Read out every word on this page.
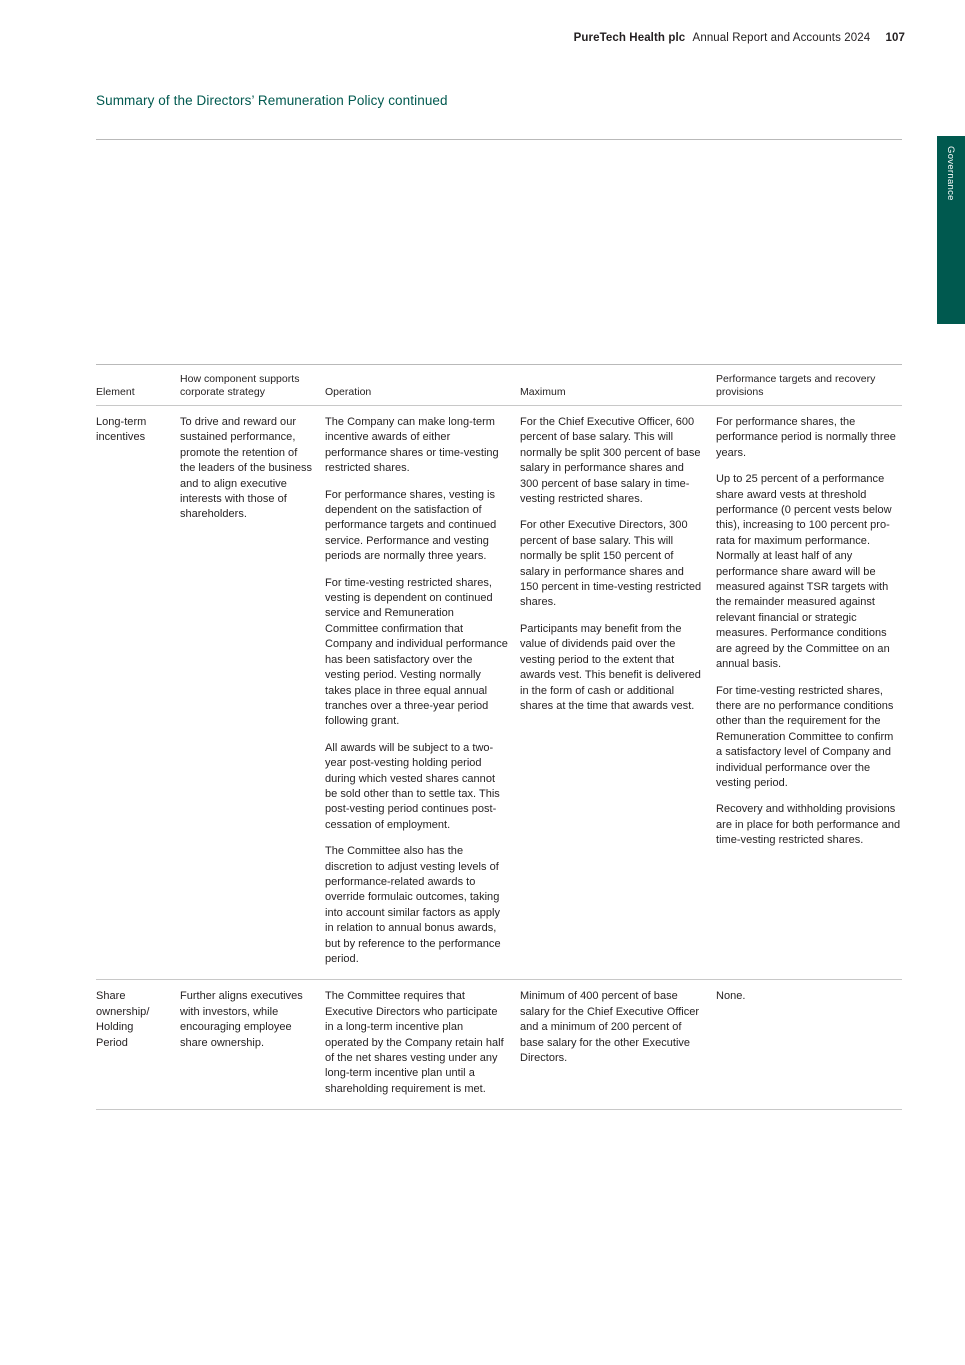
PureTech Health plc Annual Report and Accounts 2024 107
Summary of the Directors’ Remuneration Policy continued
Governance
Element
How component supports corporate strategy	Operation	Maximum
Performance targets and recovery provisions

Long-term incentives

To drive and reward our sustained performance, promote the retention of the leaders of the business and to align executive interests with those of shareholders.

The Company can make long-term incentive awards of either performance shares or time-vesting restricted shares.

For performance shares, vesting is dependent on the satisfaction of performance targets and continued service. Performance and vesting periods are normally three years.

For time-vesting restricted shares, vesting is dependent on continued service and Remuneration Committee confirmation that Company and individual performance has been satisfactory over the vesting period. Vesting normally takes place in three equal annual tranches over a three-year period following grant.

All awards will be subject to a two-year post-vesting holding period during which vested shares cannot be sold other than to settle tax. This post-vesting period continues post-cessation of employment.

The Committee also has the discretion to adjust vesting levels of performance-related awards to override formulaic outcomes, taking into account similar factors as apply in relation to annual bonus awards, but by reference to the performance period.

For the Chief Executive Officer, 600 percent of base salary. This will normally be split 300 percent of base salary in performance shares and 300 percent of base salary in time-vesting restricted shares.

For other Executive Directors, 300 percent of base salary. This will normally be split 150 percent of salary in performance shares and 150 percent in time-vesting restricted shares.

Participants may benefit from the value of dividends paid over the vesting period to the extent that awards vest. This benefit is delivered in the form of cash or additional shares at the time that awards vest.

For performance shares, the performance period is normally three years.

Up to 25 percent of a performance share award vests at threshold performance (0 percent vests below this), increasing to 100 percent pro-rata for maximum performance. Normally at least half of any performance share award will be measured against TSR targets with the remainder measured against relevant financial or strategic measures. Performance conditions are agreed by the Committee on an annual basis.

For time-vesting restricted shares, there are no performance conditions other than the requirement for the Remuneration Committee to confirm a satisfactory level of Company and individual performance over the vesting period.

Recovery and withholding provisions are in place for both performance and time-vesting restricted shares.

Share ownership/ Holding Period

Further aligns executives with investors, while encouraging employee share ownership.

The Committee requires that Executive Directors who participate in a long-term incentive plan operated by the Company retain half of the net shares vesting under any long-term incentive plan until a shareholding requirement is met.

Minimum of 400 percent of base salary for the Chief Executive Officer and a minimum of 200 percent of base salary for the other Executive Directors.

None.
